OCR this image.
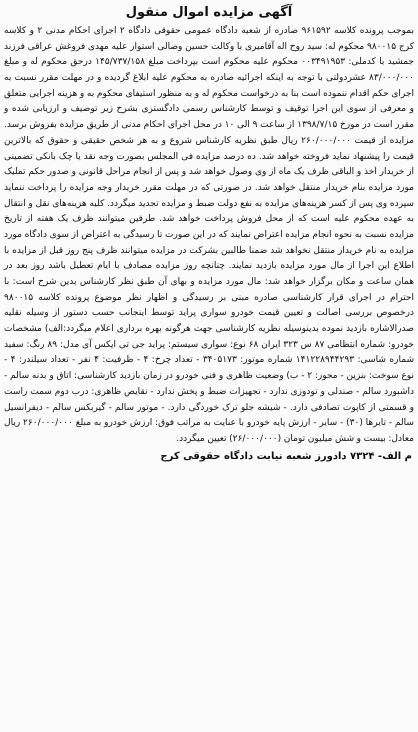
آگهی مزایده اموال منقول

بموجب پرونده کلاسه ۹۶۱۵۹۲ صادره از شعبه دادگاه عمومی حقوقی دادگاه ۲ اجرای احکام مدنی ۲ و کلاسه کرج ۹۸۰۰۱۵ محکوم له: سید روح اله آقامیری با وکالت حسین وصالی استوار علیه مهدی فروغش عراقی فرزند جمشید با کدملی: ۰۰۳۴۹۱۹۵۳ محکوم علیه محکوم است بپرداخت مبلغ ۱۴۵/۷۳۷/۱۵۸ درحق محکوم له و مبلغ ۸۳/۰۰۰/۰۰۰ عشردولتی با توجه به اینکه اجرائیه صادره به محکوم علیه ابلاغ گردیده و در مهلت مقرر نسبت به اجرای حکم اقدام ننموده است بنا به درخواست محکوم له و به منظور استیفای محکوم به و هزینه اجرایی متعلق و معرفی از سوی این اجرا توقیف و توسط کارشناس رسمی دادگستری بشرح زیر توصیف و ارزیابی شده و مقرر است در مورخ ۱۳۹۸/۷/۱۵ از ساعت ۹ الی ۱۰ در محل اجرای احکام مدنی از طریق مزایده بفروش برسد. مزایده از قیمت ۲۶۰/۰۰۰/۰۰۰ ریال طبق نظریه کارشناس شروع و به هر شخص حقیقی و حقوق که بالاترین قیمت را پیشنهاد نماید فروخته خواهد شد. ده درصد مزایده فی المجلس بصورت وجه نقد یا چک بانکی تضمینی از خریدار اخذ و الباقی ظرف یک ماه از وی وصول خواهد شد و پس از انجام مراحل قانونی و صدور حکم تملیک مورد مزایده بنام خریدار منتقل خواهد شد. در صورتی که در مهلت مقرر خریدار وجه مزایده را پرداخت ننماید سپرده وی پس از کسر هزینه‌های مزایده به نفع دولت ضبط و مزایده تجدید میگردد. کلیه هزینه‌های نقل و انتقال به عهده محکوم علیه است که از محل فروش پرداخت خواهد شد. طرفین میتوانند ظرف یک هفته از تاریخ مزایده نسبت به نحوه انجام مزایده اعتراض نمایند که در این صورت تا رسیدگی به اعتراض از سوی دادگاه مورد مزایده به نام خریدار منتقل نخواهد شد ضمنا طالبین بشرکت در مزایده میتوانند ظرف پنج روز قبل از مزایده با اطلاع این اجرا از مال مورد مزایده بازدید نمایند. چنانچه روز مزایده مصادف با ایام تعطیل باشد روز بعد در همان ساعت و مکان برگزار خواهد شد: مال مورد مزایده و بهای آن طبق نظر کارشناس بدین شرح است: با احترام در اجرای قرار کارشناسی صادره مبنی بر رسیدگی و اظهار نظر موضوع پرونده کلاسه ۹۸۰۰۱۵ درخصوص بررسی اصالت و تعیین قیمت خودرو سواری پراید توسط اینجانب حسب دستور از وسیله نقلیه صدرالاشاره بازدید نموده بدینوسیله نظریه کارشناسی جهت هرگونه بهره برداری اعلام میگردد:الف) مشخصات خودرو: شماره انتظامی ۸۷ س ۳۲۳ ایران ۶۸ نوع: سواری سیستم: پراید جی تی ایکس آی مدل: ۸۹ رنگ: سفید شماره شاسی: ۱۴۱۲۲۸۹۴۴۲۹۳ شماره موتور: ۳۴۰۵۱۷۳ - تعداد چرخ: ۴ - ظرفیت: ۴ نفر - تعداد سیلندر: ۴ - نوع سوخت: بنزین - محور: ۲ - ب) وضعیت ظاهری و فنی خودرو در زمان بازدید کارشناسی: اتاق و بدنه سالم - داشبورد سالم - صندلی و تودوزی ندارد - تجهیزات ضبط و پخش ندارد - نقایص ظاهری: درب دوم سمت راست و قسمتی از کاپوت تصادفی دارد. - شیشه جلو ترک خوردگی دارد. - موتور سالم - گیربکس سالم - دیفرانسیل سالم - تایرها (۳۰) - سایر - ارزش پایه خودرو با عنایت به مراتب فوق: ارزش خودرو به مبلغ ۲۶۰/۰۰۰/۰۰۰ ریال معادل: بیست و شش میلیون تومان (۲۶/۰۰۰/۰۰۰) تعیین میگردد.

م الف- ۷۳۲۴ دادورز شعبه نیابت دادگاه حقوقی کرج
